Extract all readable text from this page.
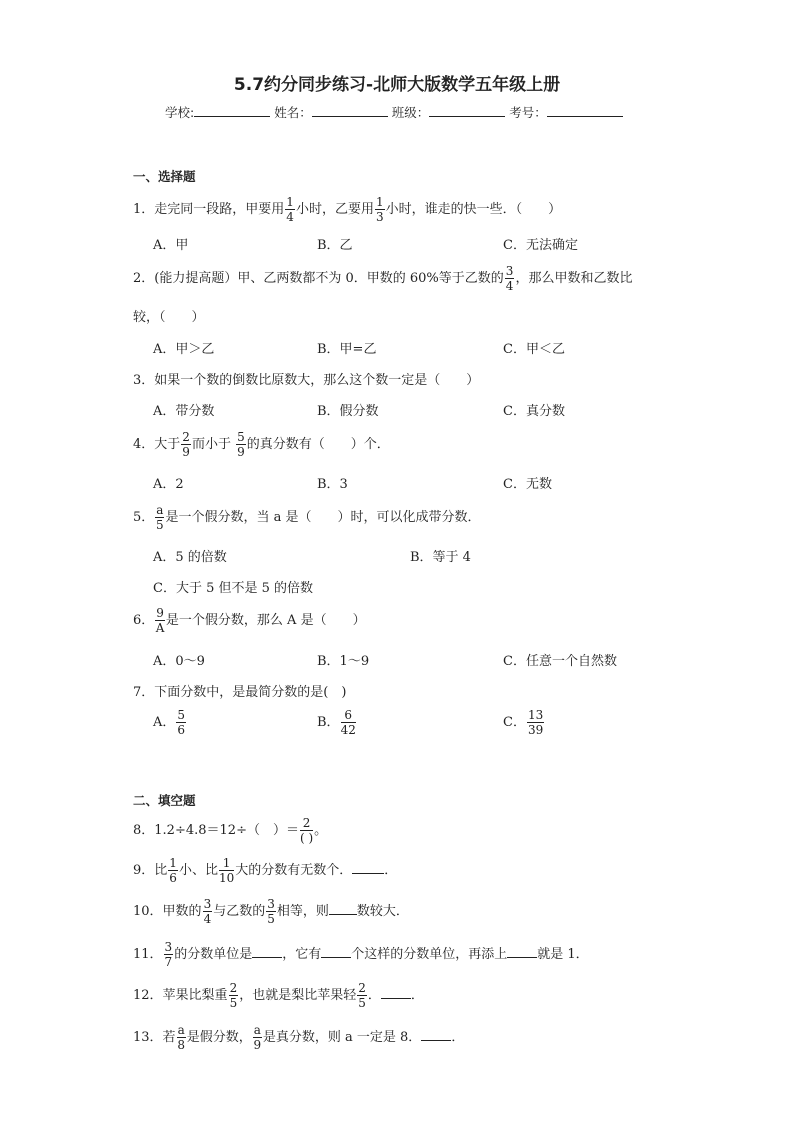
5.7约分同步练习-北师大版数学五年级上册
学校:	姓名：	班级：	考号：
一、选择题
1．走完同一段路，甲要用 $\frac{1}{4}$ 小时，乙要用 $\frac{1}{3}$ 小时，谁走的快一些．（　　）
A．甲	B．乙	C．无法确定
2．(能力提高题）甲、乙两数都不为 0．甲数的 60%等于乙数的 $\frac{3}{4}$ ，那么甲数和乙数比
较，（　　）
A．甲＞乙	B．甲=乙	C．甲＜乙
3．如果一个数的倒数比原数大，那么这个数一定是（　　）
A．带分数	B．假分数	C．真分数
4．大于 $\frac{2}{9}$ 而小于 $\frac{5}{9}$ 的真分数有（　　）个．
A．2	B．3	C．无数
5． $\frac{a}{5}$ 是一个假分数，当 a 是（　　）时，可以化成带分数．
A．5 的倍数	B．等于 4
C．大于 5 但不是 5 的倍数
6． $\frac{9}{A}$ 是一个假分数，那么 A 是（　　）
A．0～9	B．1～9	C．任意一个自然数
7．下面分数中，是最简分数的是(　)
A． $\frac{5}{6}$	B． $\frac{6}{42}$	C． $\frac{13}{39}$
二、填空题
8．1.2÷4.8＝12÷（　）＝ $\frac{2}{( )}$ 。
9．比 $\frac{1}{6}$ 小、比 $\frac{1}{10}$ 大的分数有无数个． ．
10．甲数的 $\frac{3}{4}$ 与乙数的 $\frac{3}{5}$ 相等，则 数较大．
11． $\frac{3}{7}$ 的分数单位是 ，它有 个这样的分数单位，再添上 就是 1．
12．苹果比梨重 $\frac{2}{5}$ ，也就是梨比苹果轻 $\frac{2}{5}$ ． ．
13．若 $\frac{a}{8}$ 是假分数， $\frac{a}{9}$ 是真分数，则 a 一定是 8． ．
